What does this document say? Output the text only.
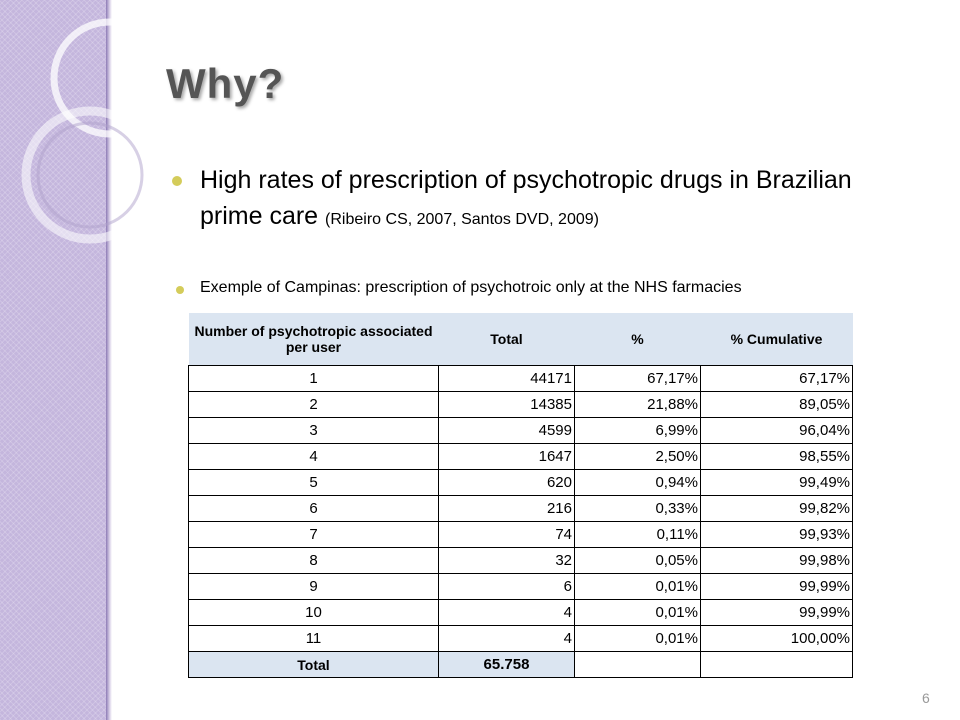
Why?
High rates of prescription of psychotropic drugs in Brazilian prime care (Ribeiro CS, 2007, Santos DVD, 2009)
Exemple of Campinas: prescription of psychotroic only at the NHS farmacies
Number of psychotropic associated per user	Total	%	% Cumulative
1	44171	67,17%	67,17%
2	14385	21,88%	89,05%
3	4599	6,99%	96,04%
4	1647	2,50%	98,55%
5	620	0,94%	99,49%
6	216	0,33%	99,82%
7	74	0,11%	99,93%
8	32	0,05%	99,98%
9	6	0,01%	99,99%
10	4	0,01%	99,99%
11	4	0,01%	100,00%
Total	65.758		
6
